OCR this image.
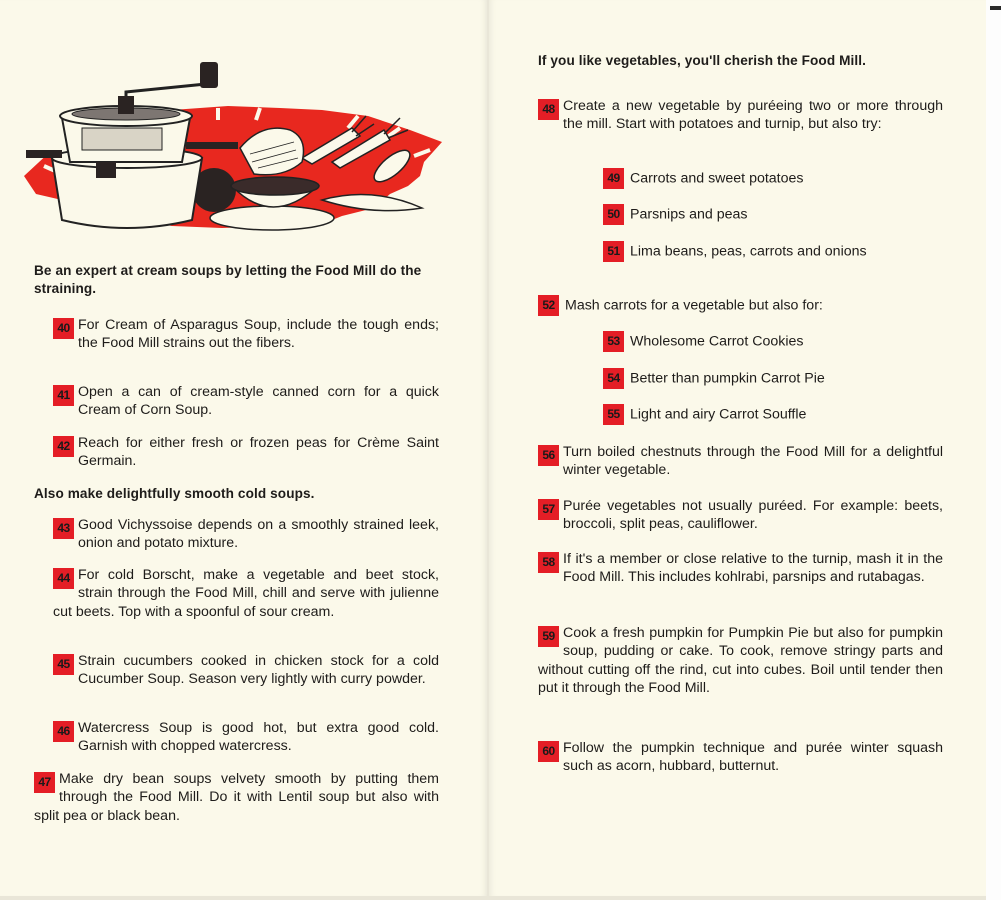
Be an expert at cream soups by letting the Food Mill do the straining.
40 For Cream of Asparagus Soup, include the tough ends; the Food Mill strains out the fibers.
41 Open a can of cream-style canned corn for a quick Cream of Corn Soup.
42 Reach for either fresh or frozen peas for Crème Saint Germain.
Also make delightfully smooth cold soups.
43 Good Vichyssoise depends on a smoothly strained leek, onion and potato mixture.
44 For cold Borscht, make a vegetable and beet stock, strain through the Food Mill, chill and serve with julienne cut beets. Top with a spoonful of sour cream.
45 Strain cucumbers cooked in chicken stock for a cold Cucumber Soup. Season very lightly with curry powder.
46 Watercress Soup is good hot, but extra good cold. Garnish with chopped watercress.
47 Make dry bean soups velvety smooth by putting them through the Food Mill. Do it with Lentil soup but also with split pea or black bean.
If you like vegetables, you'll cherish the Food Mill.
48 Create a new vegetable by puréeing two or more through the mill. Start with potatoes and turnip, but also try:
49 Carrots and sweet potatoes
50 Parsnips and peas
51 Lima beans, peas, carrots and onions
52 Mash carrots for a vegetable but also for:
53 Wholesome Carrot Cookies
54 Better than pumpkin Carrot Pie
55 Light and airy Carrot Souffle
56 Turn boiled chestnuts through the Food Mill for a delightful winter vegetable.
57 Purée vegetables not usually puréed. For example: beets, broccoli, split peas, cauliflower.
58 If it's a member or close relative to the turnip, mash it in the Food Mill. This includes kohlrabi, parsnips and rutabagas.
59 Cook a fresh pumpkin for Pumpkin Pie but also for pumpkin soup, pudding or cake. To cook, remove stringy parts and without cutting off the rind, cut into cubes. Boil until tender then put it through the Food Mill.
60 Follow the pumpkin technique and purée winter squash such as acorn, hubbard, butternut.
